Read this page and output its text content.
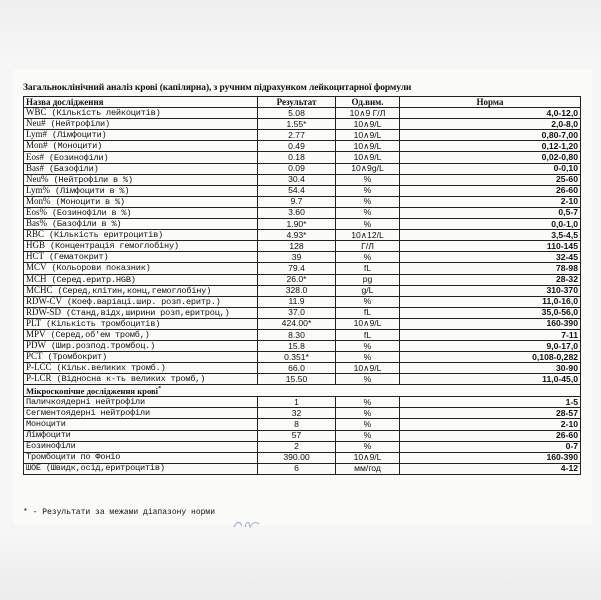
Загальноклінічний аналіз крові (капілярна), з ручним підрахунком лейкоцитарної формули
Назва дослідження	Результат	Од.вим.	Норма
WBC (Кількість лейкоцитів)	5.08	10∧9 Г/Л	4,0-12,0
Neu# (Нейтрофіли)	1.55*	10∧9/L	2,0-8,0
Lym# (Лімфоцити)	2.77	10∧9/L	0,80-7,00
Mon# (Моноцити)	0.49	10∧9/L	0,12-1,20
Eos# (Еозинофіли)	0.18	10∧9/L	0,02-0,80
Bas# (Базофіли)	0.09	10∧9g/L	0-0,10
Neu% (Нейтрофіли в %)	30.4	%	25-60
Lym% (Лімфоцити в %)	54.4	%	26-60
Mon% (Моноцити в %)	9.7	%	2-10
Eos% (Еозинофіли в %)	3.60	%	0,5-7
Bas% (Базофіли в %)	1.90*	%	0,0-1,0
RBC (Кількість еритроцитів)	4.93*	10∧12/L	3,5-4,5
HGB (Концентрація гемоглобіну)	128	Г/Л	110-145
HCT (Гематокрит)	39	%	32-45
MCV (Кольорови показник)	79.4	fL	78-98
MCH (Серед.еритр.HGB)	26.0*	pg	28-32
MCHC (Серед,клітин,конц,гемоглобіну)	328.0	g/L	310-370
RDW-CV (Коеф.варіаці.шир. розп.еритр.)	11.9	%	11,0-16,0
RDW-SD (Станд,відх,ширини розп,еритроц,)	37.0	fL	35,0-56,0
PLT (Кількість тромбоцитів)	424.00*	10∧9/L	160-390
MPV (Серед,об'ем тромб,)	8.30	fL	7-11
PDW (Шир.розпод.тромбоц.)	15.8	%	9,0-17,0
PCT (Тромбокрит)	0.351*	%	0,108-0,282
P-LCC (Кільк.великих тромб.)	66.0	10∧9/L	30-90
P-LCR (Відносна к-ть великих тромб,)	15.50	%	11,0-45,0
Мікроскопічне дослідження крові*
Паличкоядерні нейтрофіли	1	%	1-5
Сегментоядерні нейтрофіли	32	%	28-57
Моноцити	8	%	2-10
Лімфоцити	57	%	26-60
Еозинофіли	2	%	0-7
Тромбоцити по Фоніо	390.00	10∧9/L	160-390
ШОЕ (Швидк,осід,еритроцитів)	6	мм/год	4-12
* - Результати за межами діапазону норми
